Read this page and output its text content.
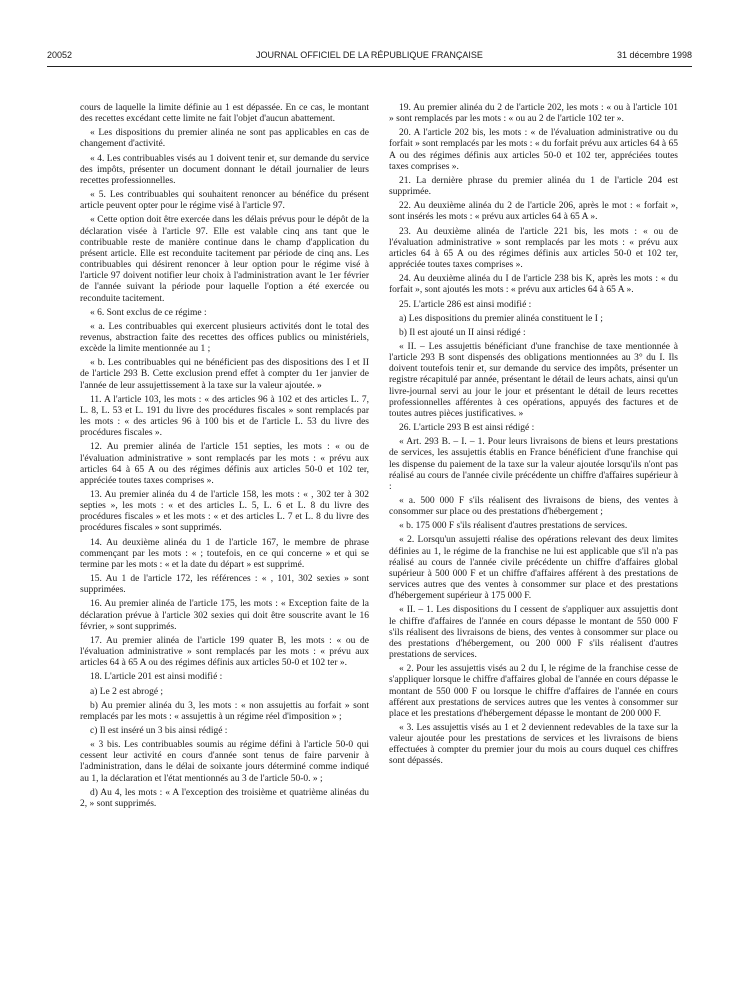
20052	JOURNAL OFFICIEL DE LA RÉPUBLIQUE FRANÇAISE	31 décembre 1998

cours de laquelle la limite définie au 1 est dépassée. En ce cas, le montant des recettes excédant cette limite ne fait l'objet d'aucun abattement.

« Les dispositions du premier alinéa ne sont pas applicables en cas de changement d'activité.

« 4. Les contribuables visés au 1 doivent tenir et, sur demande du service des impôts, présenter un document donnant le détail journalier de leurs recettes professionnelles.

« 5. Les contribuables qui souhaitent renoncer au bénéfice du présent article peuvent opter pour le régime visé à l'article 97.

« Cette option doit être exercée dans les délais prévus pour le dépôt de la déclaration visée à l'article 97. Elle est valable cinq ans tant que le contribuable reste de manière continue dans le champ d'application du présent article. Elle est reconduite tacitement par période de cinq ans. Les contribuables qui désirent renoncer à leur option pour le régime visé à l'article 97 doivent notifier leur choix à l'administration avant le 1er février de l'année suivant la période pour laquelle l'option a été exercée ou reconduite tacitement.

« 6. Sont exclus de ce régime :

« a. Les contribuables qui exercent plusieurs activités dont le total des revenus, abstraction faite des recettes des offices publics ou ministériels, excède la limite mentionnée au 1 ;

« b. Les contribuables qui ne bénéficient pas des dispositions des I et II de l'article 293 B. Cette exclusion prend effet à compter du 1er janvier de l'année de leur assujettissement à la taxe sur la valeur ajoutée. »

11. A l'article 103, les mots : « des articles 96 à 102 et des articles L. 7, L. 8, L. 53 et L. 191 du livre des procédures fiscales » sont remplacés par les mots : « des articles 96 à 100 bis et de l'article L. 53 du livre des procédures fiscales ».

12. Au premier alinéa de l'article 151 septies, les mots : « ou de l'évaluation administrative » sont remplacés par les mots : « prévu aux articles 64 à 65 A ou des régimes définis aux articles 50-0 et 102 ter, appréciée toutes taxes comprises ».

13. Au premier alinéa du 4 de l'article 158, les mots : « , 302 ter à 302 septies », les mots : « et des articles L. 5, L. 6 et L. 8 du livre des procédures fiscales » et les mots : « et des articles L. 7 et L. 8 du livre des procédures fiscales » sont supprimés.

14. Au deuxième alinéa du 1 de l'article 167, le membre de phrase commençant par les mots : « ; toutefois, en ce qui concerne » et qui se termine par les mots : « et la date du départ » est supprimé.

15. Au 1 de l'article 172, les références : « , 101, 302 sexies » sont supprimées.

16. Au premier alinéa de l'article 175, les mots : « Exception faite de la déclaration prévue à l'article 302 sexies qui doit être souscrite avant le 16 février, » sont supprimés.

17. Au premier alinéa de l'article 199 quater B, les mots : « ou de l'évaluation administrative » sont remplacés par les mots : « prévu aux articles 64 à 65 A ou des régimes définis aux articles 50-0 et 102 ter ».

18. L'article 201 est ainsi modifié :

a) Le 2 est abrogé ;

b) Au premier alinéa du 3, les mots : « non assujettis au forfait » sont remplacés par les mots : « assujettis à un régime réel d'imposition » ;

c) Il est inséré un 3 bis ainsi rédigé :

« 3 bis. Les contribuables soumis au régime défini à l'article 50-0 qui cessent leur activité en cours d'année sont tenus de faire parvenir à l'administration, dans le délai de soixante jours déterminé comme indiqué au 1, la déclaration et l'état mentionnés au 3 de l'article 50-0. » ;

d) Au 4, les mots : « A l'exception des troisième et quatrième alinéas du 2, » sont supprimés.

19. Au premier alinéa du 2 de l'article 202, les mots : « ou à l'article 101 » sont remplacés par les mots : « ou au 2 de l'article 102 ter ».

20. A l'article 202 bis, les mots : « de l'évaluation administrative ou du forfait » sont remplacés par les mots : « du forfait prévu aux articles 64 à 65 A ou des régimes définis aux articles 50-0 et 102 ter, appréciées toutes taxes comprises ».

21. La dernière phrase du premier alinéa du 1 de l'article 204 est supprimée.

22. Au deuxième alinéa du 2 de l'article 206, après le mot : « forfait », sont insérés les mots : « prévu aux articles 64 à 65 A ».

23. Au deuxième alinéa de l'article 221 bis, les mots : « ou de l'évaluation administrative » sont remplacés par les mots : « prévu aux articles 64 à 65 A ou des régimes définis aux articles 50-0 et 102 ter, appréciée toutes taxes comprises ».

24. Au deuxième alinéa du I de l'article 238 bis K, après les mots : « du forfait », sont ajoutés les mots : « prévu aux articles 64 à 65 A ».

25. L'article 286 est ainsi modifié :

a) Les dispositions du premier alinéa constituent le I ;

b) Il est ajouté un II ainsi rédigé :

« II. – Les assujettis bénéficiant d'une franchise de taxe mentionnée à l'article 293 B sont dispensés des obligations mentionnées au 3° du I. Ils doivent toutefois tenir et, sur demande du service des impôts, présenter un registre récapitulé par année, présentant le détail de leurs achats, ainsi qu'un livre-journal servi au jour le jour et présentant le détail de leurs recettes professionnelles afférentes à ces opérations, appuyés des factures et de toutes autres pièces justificatives. »

26. L'article 293 B est ainsi rédigé :

« Art. 293 B. – I. – 1. Pour leurs livraisons de biens et leurs prestations de services, les assujettis établis en France bénéficient d'une franchise qui les dispense du paiement de la taxe sur la valeur ajoutée lorsqu'ils n'ont pas réalisé au cours de l'année civile précédente un chiffre d'affaires supérieur à :

« a. 500 000 F s'ils réalisent des livraisons de biens, des ventes à consommer sur place ou des prestations d'hébergement ;

« b. 175 000 F s'ils réalisent d'autres prestations de services.

« 2. Lorsqu'un assujetti réalise des opérations relevant des deux limites définies au 1, le régime de la franchise ne lui est applicable que s'il n'a pas réalisé au cours de l'année civile précédente un chiffre d'affaires global supérieur à 500 000 F et un chiffre d'affaires afférent à des prestations de services autres que des ventes à consommer sur place et des prestations d'hébergement supérieur à 175 000 F.

« II. – 1. Les dispositions du I cessent de s'appliquer aux assujettis dont le chiffre d'affaires de l'année en cours dépasse le montant de 550 000 F s'ils réalisent des livraisons de biens, des ventes à consommer sur place ou des prestations d'hébergement, ou 200 000 F s'ils réalisent d'autres prestations de services.

« 2. Pour les assujettis visés au 2 du I, le régime de la franchise cesse de s'appliquer lorsque le chiffre d'affaires global de l'année en cours dépasse le montant de 550 000 F ou lorsque le chiffre d'affaires de l'année en cours afférent aux prestations de services autres que les ventes à consommer sur place et les prestations d'hébergement dépasse le montant de 200 000 F.

« 3. Les assujettis visés au 1 et 2 deviennent redevables de la taxe sur la valeur ajoutée pour les prestations de services et les livraisons de biens effectuées à compter du premier jour du mois au cours duquel ces chiffres sont dépassés.
